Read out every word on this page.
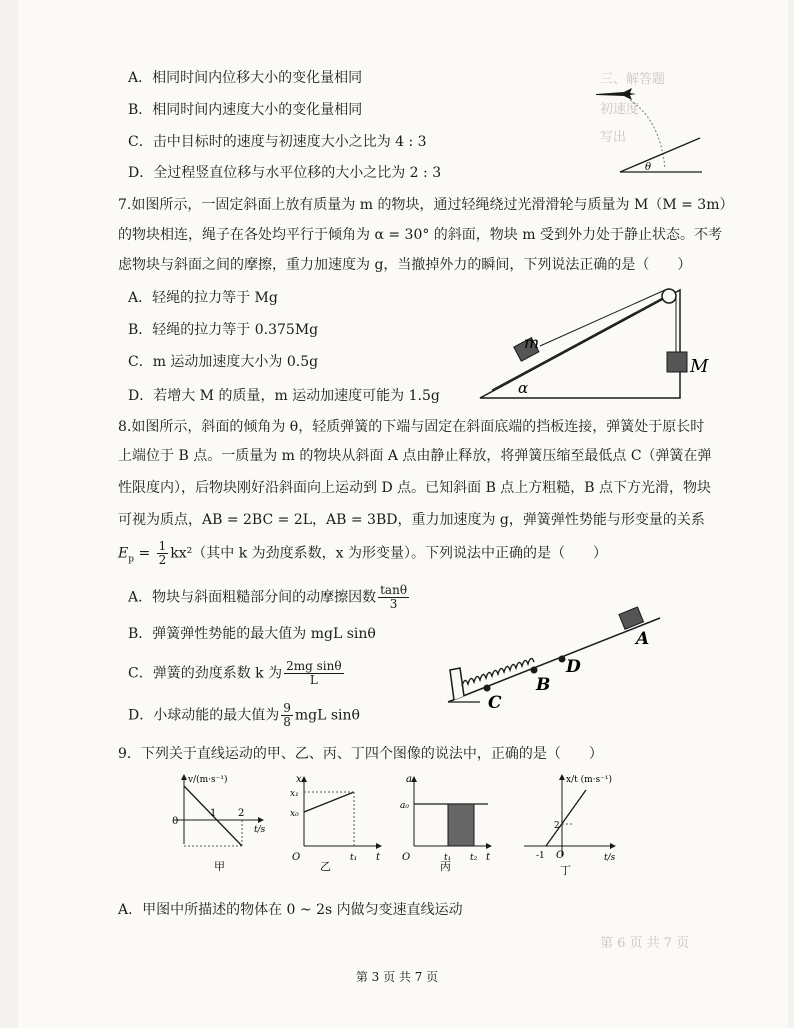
三、解答题
初速度
写出
第 6 页 共 7 页
A．相同时间内位移大小的变化量相同
B．相同时间内速度大小的变化量相同
C．击中目标时的速度与初速度大小之比为 4 : 3
D．全过程竖直位移与水平位移的大小之比为 2 : 3	θ
7.如图所示，一固定斜面上放有质量为 m 的物块，通过轻绳绕过光滑滑轮与质量为 M（M = 3m）
的物块相连，绳子在各处均平行于倾角为 α = 30° 的斜面，物块 m 受到外力处于静止状态。不考
虑物块与斜面之间的摩擦，重力加速度为 g，当撤掉外力的瞬间，下列说法正确的是（　　）
A．轻绳的拉力等于 Mg
B．轻绳的拉力等于 0.375Mg
C．m 运动加速度大小为 0.5g
D．若增大 M 的质量，m 运动加速度可能为 1.5g
m
M
α
8.如图所示，斜面的倾角为 θ，轻质弹簧的下端与固定在斜面底端的挡板连接，弹簧处于原长时
上端位于 B 点。一质量为 m 的物块从斜面 A 点由静止释放，将弹簧压缩至最低点 C（弹簧在弹
性限度内），后物块刚好沿斜面向上运动到 D 点。已知斜面 B 点上方粗糙，B 点下方光滑，物块
可视为质点，AB = 2BC = 2L，AB = 3BD，重力加速度为 g，弹簧弹性势能与形变量的关系
$E_p = \frac{1}{2} kx^2$（其中 k 为劲度系数，x 为形变量）。下列说法中正确的是（　　）
A．物块与斜面粗糙部分间的动摩擦因数 $\frac{\tan\theta}{3}$
B．弹簧弹性势能的最大值为 mgL sinθ
C．弹簧的劲度系数 k 为 $\frac{\text{2mg sinθ}}{L}$
D．小球动能的最大值为 $\frac{9}{8}$ mgL sinθ
C
B
D
A
9．下列关于直线运动的甲、乙、丙、丁四个图像的说法中，正确的是（　　）
v/(m·s⁻¹)
t/s
0
1 2
甲
x
t
x₁
x₀
O	t₁
乙
a
t
a₀
O	t₁ t₂
丙
x/t (m·s⁻¹)
t/s
2
-1 O
丁
A．甲图中所描述的物体在 0 ~ 2s 内做匀变速直线运动
第 3 页 共 7 页
